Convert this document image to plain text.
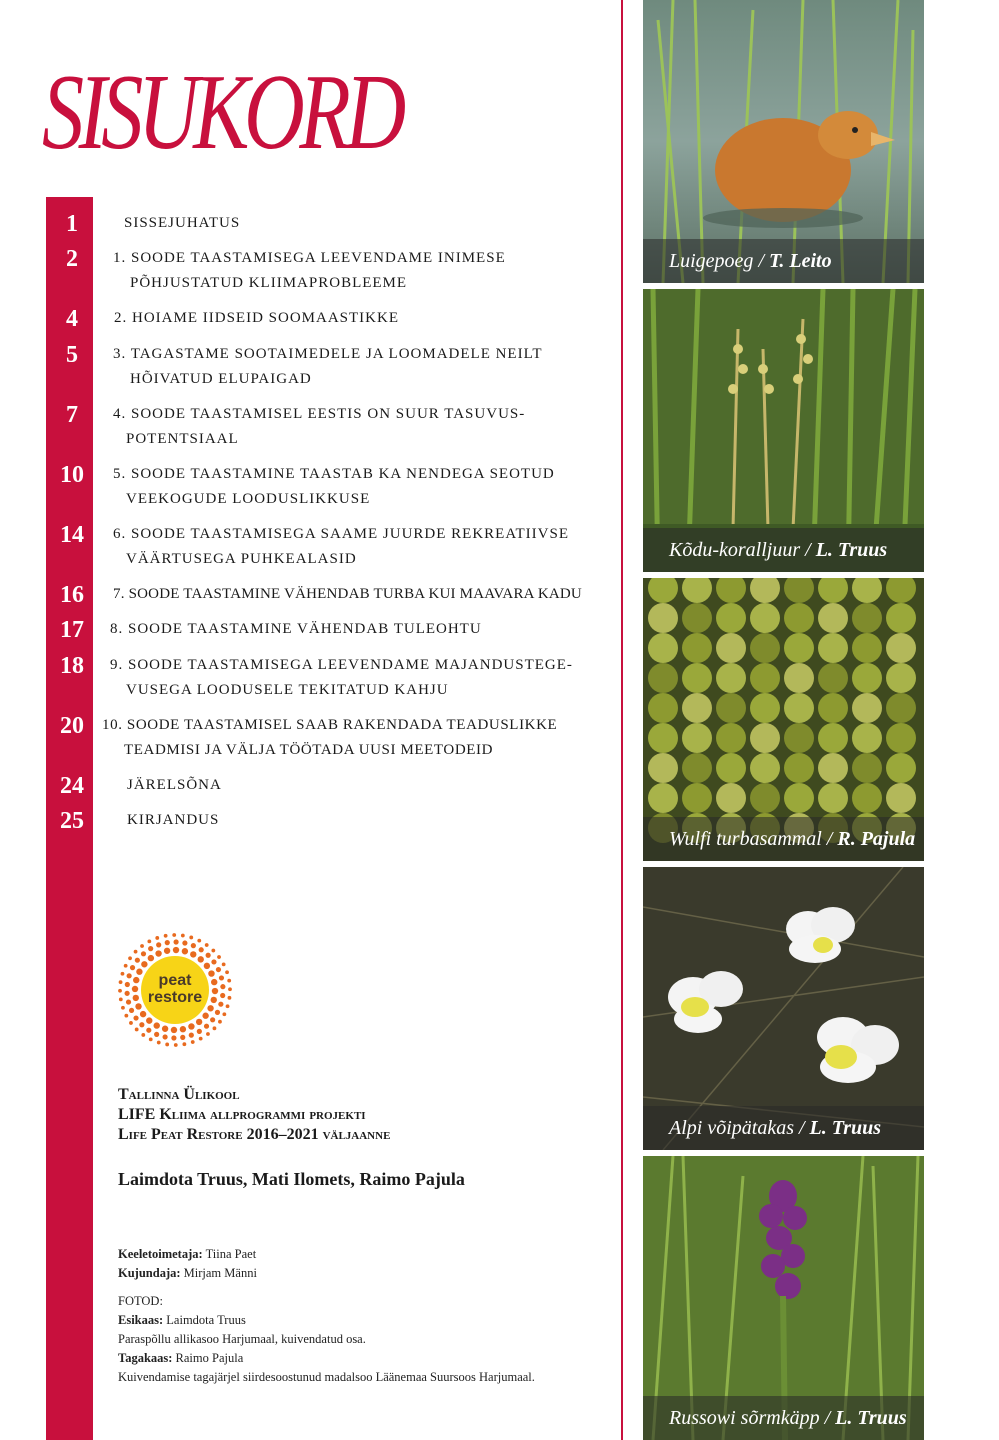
SISUKORD
1	SISSEJUHATUS
2	1. SOODE TAASTAMISEGA LEEVENDAME INIMESE
PÕHJUSTATUD KLIIMAPROBLEEME
4	2. HOIAME IIDSEID SOOMAASTIKKE
5	3. TAGASTAME SOOTAIMEDELE JA LOOMADELE NEILT
HÕIVATUD ELUPAIGAD
7	4. SOODE TAASTAMISEL EESTIS ON SUUR TASUVUS-
POTENTSIAAL
10	5. SOODE TAASTAMINE TAASTAB KA NENDEGA SEOTUD
VEEKOGUDE LOODUSLIKKUSE
14	6. SOODE TAASTAMISEGA SAAME JUURDE REKREATIIVSE
VÄÄRTUSEGA PUHKEALASID
16	7. SOODE TAASTAMINE VÄHENDAB TURBA KUI MAAVARA KADU
17	8. SOODE TAASTAMINE VÄHENDAB TULEOHTU
18	9. SOODE TAASTAMISEGA LEEVENDAME MAJANDUSTEGE-
VUSEGA LOODUSELE TEKITATUD KAHJU
20	10. SOODE TAASTAMISEL SAAB RAKENDADA TEADUSLIKKE
TEADMISI JA VÄLJA TÖÖTADA UUSI MEETODEID
24	JÄRELSÕNA
25	KIRJANDUS
peat
restore
Tallinna Ülikool
LIFE Kliima allprogrammi projekti
Life Peat Restore 2016–2021 väljaanne
Laimdota Truus, Mati Ilomets, Raimo Pajula
Keeletoimetaja: Tiina Paet
Kujundaja: Mirjam Männi
FOTOD:
Esikaas: Laimdota Truus
Paraspõllu allikasoo Harjumaal, kuivendatud osa.
Tagakaas: Raimo Pajula
Kuivendamise tagajärjel siirdesoostunud madalsoo Läänemaa Suursoos Harjumaal.
Luigepoeg / T. Leito
Kõdu-koralljuur / L. Truus
Wulfi turbasammal / R. Pajula
Alpi võipätakas / L. Truus
Russowi sõrmkäpp / L. Truus
